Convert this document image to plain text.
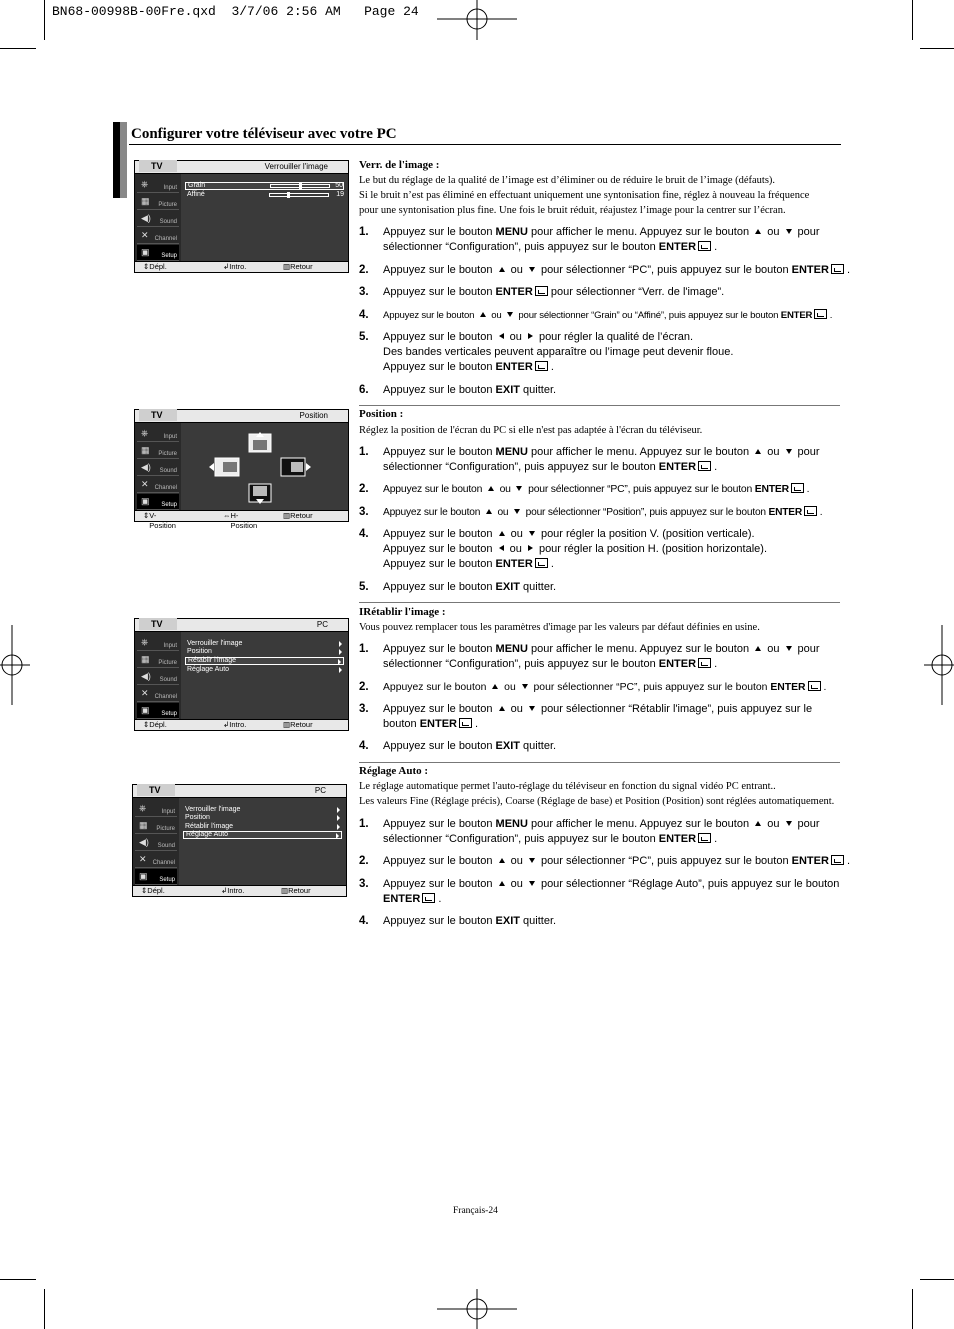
BN68-00998B-00Fre.qxd 3/7/06 2:56 AM Page 24
Configurer votre téléviseur avec votre PC
TV	Verrouiller l'image
⎈	Input
▦ Picture
◀) Sound
✕ Channel
▣ Setup
Grain	50
Affiné	19
⇕ Dépl.	↲ Intro.	▥ Retour
TV	Position
⎈	Input
▦ Picture
◀) Sound
✕ Channel
▣ Setup
⇕ V-Position
⇔ H-Position
▥ Retour
TV	PC
⎈	Input
▦ Picture
◀) Sound
✕ Channel
▣ Setup
Verrouiller l'image
Position
Rétablir l'image
Réglage Auto
⇕ Dépl.	↲ Intro.	▥ Retour
TV	PC
⎈	Input
▦ Picture
◀) Sound
✕ Channel
▣ Setup
Verrouiller l'image
Position
Rétablir l'image
Réglage Auto
⇕ Dépl.	↲ Intro.	▥ Retour
Verr. de l'image :
Le but du réglage de la qualité de l’image est d’éliminer ou de réduire le bruit de l’image (défauts).
Si le bruit n’est pas éliminé en effectuant uniquement une syntonisation fine, réglez à nouveau la fréquence
pour une syntonisation plus fine. Une fois le bruit réduit, réajustez l’image pour la centrer sur l’écran.
1. Appuyez sur le bouton MENU pour afficher le menu. Appuyez sur le bouton  ou  pour
sélectionner “Configuration”, puis appuyez sur le bouton ENTER .
2. Appuyez sur le bouton  ou  pour sélectionner “PC”, puis appuyez sur le bouton ENTER .
3. Appuyez sur le bouton ENTER pour sélectionner “Verr. de l'image”.
4. Appuyez sur le bouton  ou  pour sélectionner “Grain” ou “Affiné”, puis appuyez sur le bouton ENTER .
5. Appuyez sur le bouton  ou  pour régler la qualité de l’écran.
Des bandes verticales peuvent apparaître ou l’image peut devenir floue.
Appuyez sur le bouton ENTER .
6. Appuyez sur le bouton EXIT quitter.
Position :
Réglez la position de l'écran du PC si elle n'est pas adaptée à l'écran du téléviseur.
1. Appuyez sur le bouton MENU pour afficher le menu. Appuyez sur le bouton  ou  pour
sélectionner “Configuration”, puis appuyez sur le bouton ENTER .
2. Appuyez sur le bouton  ou  pour sélectionner “PC”, puis appuyez sur le bouton ENTER .
3. Appuyez sur le bouton  ou  pour sélectionner “Position”, puis appuyez sur le bouton ENTER .
4. Appuyez sur le bouton  ou  pour régler la position V. (position verticale).
Appuyez sur le bouton  ou  pour régler la position H. (position horizontale).
Appuyez sur le bouton ENTER .
5. Appuyez sur le bouton EXIT quitter.
IRétablir l'image :
Vous pouvez remplacer tous les paramètres d'image par les valeurs par défaut définies en usine.
1. Appuyez sur le bouton MENU pour afficher le menu. Appuyez sur le bouton  ou  pour
sélectionner “Configuration”, puis appuyez sur le bouton ENTER .
2. Appuyez sur le bouton  ou  pour sélectionner “PC”, puis appuyez sur le bouton ENTER .
3. Appuyez sur le bouton  ou  pour sélectionner “Rétablir l'image”, puis appuyez sur le
bouton ENTER .
4. Appuyez sur le bouton EXIT quitter.
Réglage Auto :
Le réglage automatique permet l'auto-réglage du téléviseur en fonction du signal vidéo PC entrant..
Les valeurs Fine (Réglage précis), Coarse (Réglage de base) et Position (Position) sont réglées automatiquement.
1. Appuyez sur le bouton MENU pour afficher le menu. Appuyez sur le bouton  ou  pour
sélectionner “Configuration”, puis appuyez sur le bouton ENTER .
2. Appuyez sur le bouton  ou  pour sélectionner “PC”, puis appuyez sur le bouton ENTER .
3. Appuyez sur le bouton  ou  pour sélectionner “Réglage Auto”, puis appuyez sur le bouton
ENTER .
4. Appuyez sur le bouton EXIT quitter.
Français-24
